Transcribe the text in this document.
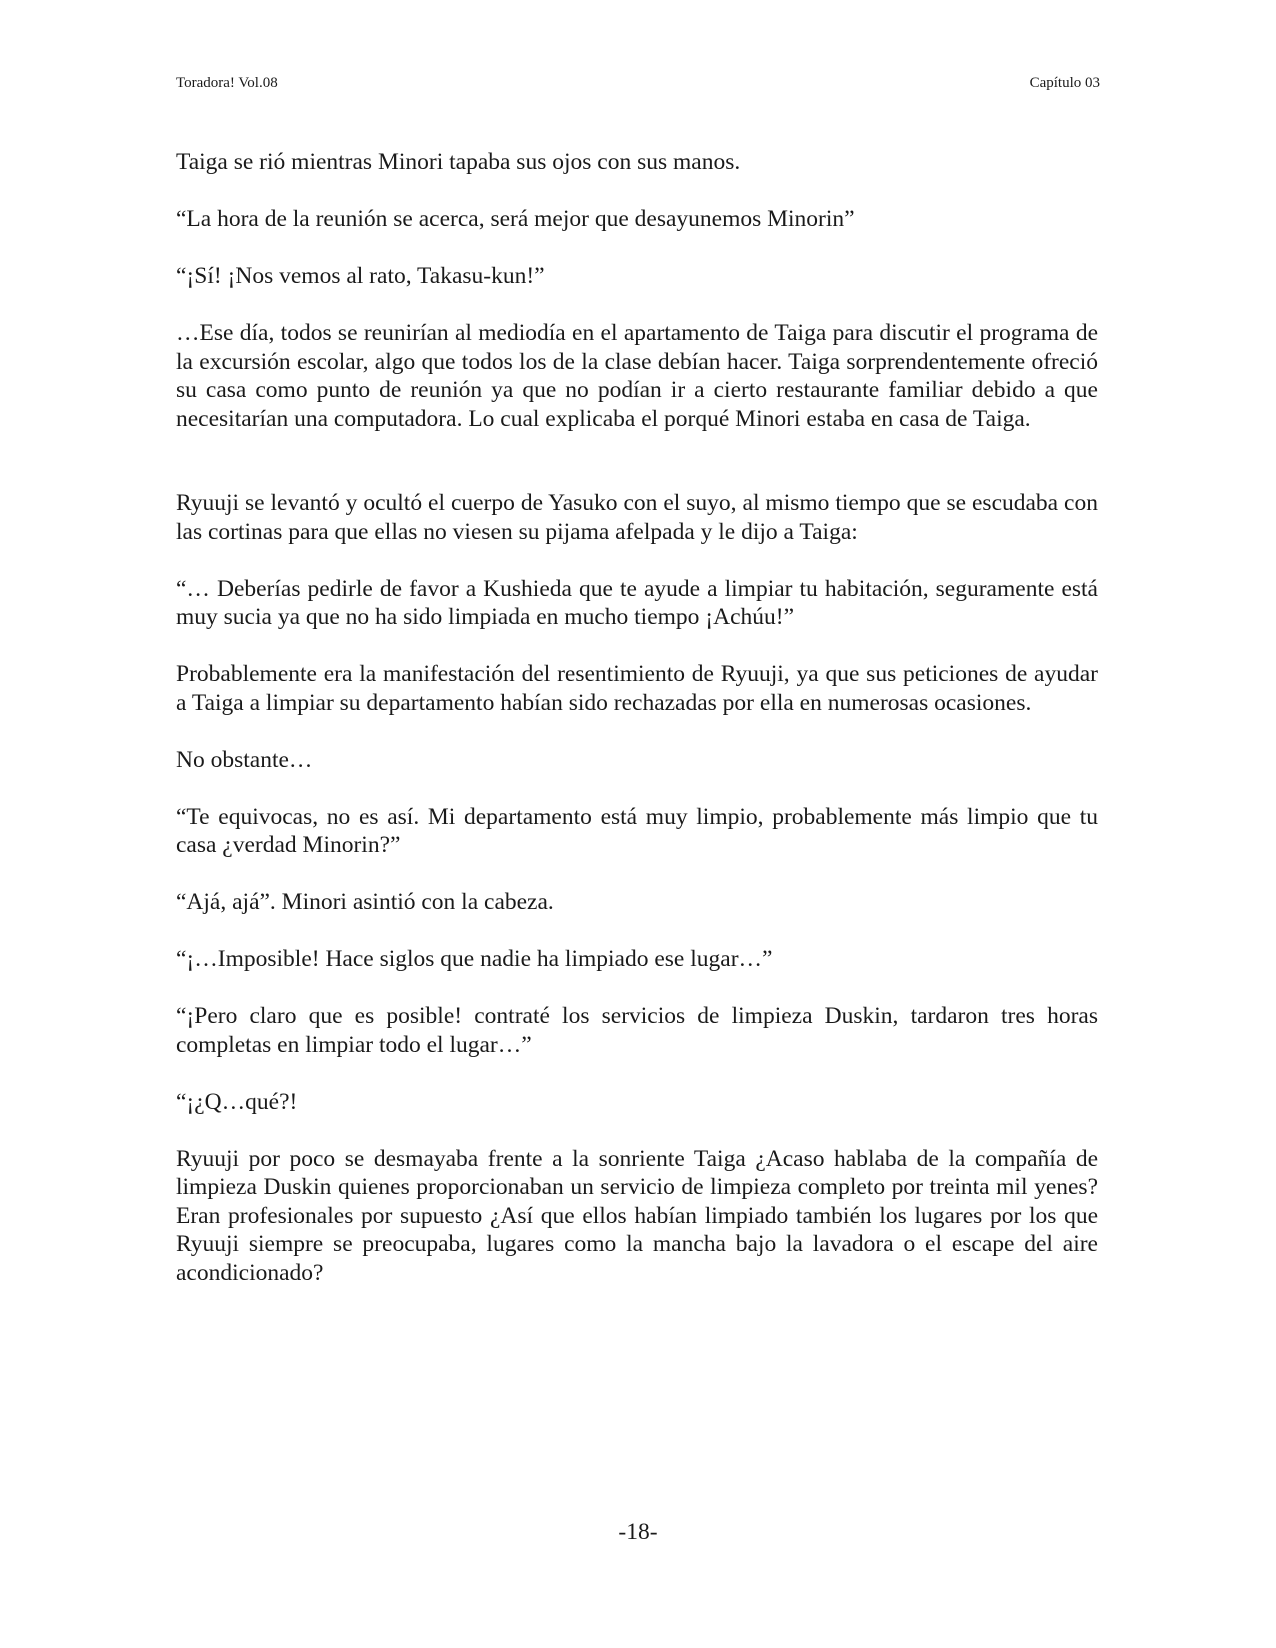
Toradora! Vol.08	Capítulo 03

Taiga se rió mientras Minori tapaba sus ojos con sus manos.

“La hora de la reunión se acerca, será mejor que desayunemos Minorin”

“¡Sí! ¡Nos vemos al rato, Takasu-kun!”

…Ese día, todos se reunirían al mediodía en el apartamento de Taiga para discutir el programa de la excursión escolar, algo que todos los de la clase debían hacer. Taiga sorprendentemente ofreció su casa como punto de reunión ya que no podían ir a cierto restaurante familiar debido a que necesitarían una computadora. Lo cual explicaba el porqué Minori estaba en casa de Taiga.

Ryuuji se levantó y ocultó el cuerpo de Yasuko con el suyo, al mismo tiempo que se escudaba con las cortinas para que ellas no viesen su pijama afelpada y le dijo a Taiga:

“… Deberías pedirle de favor a Kushieda que te ayude a limpiar tu habitación, seguramente está muy sucia ya que no ha sido limpiada en mucho tiempo ¡Achúu!”

Probablemente era la manifestación del resentimiento de Ryuuji, ya que sus peticiones de ayudar a Taiga a limpiar su departamento habían sido rechazadas por ella en numerosas ocasiones.

No obstante…

“Te equivocas, no es así. Mi departamento está muy limpio, probablemente más limpio que tu casa ¿verdad Minorin?”

“Ajá, ajá”. Minori asintió con la cabeza.

“¡…Imposible! Hace siglos que nadie ha limpiado ese lugar…”

“¡Pero claro que es posible! contraté los servicios de limpieza Duskin, tardaron tres horas completas en limpiar todo el lugar…”

“¡¿Q…qué?!

Ryuuji por poco se desmayaba frente a la sonriente Taiga ¿Acaso hablaba de la compañía de limpieza Duskin quienes proporcionaban un servicio de limpieza completo por treinta mil yenes? Eran profesionales por supuesto ¿Así que ellos habían limpiado también los lugares por los que Ryuuji siempre se preocupaba, lugares como la mancha bajo la lavadora o el escape del aire acondicionado?

-18-
